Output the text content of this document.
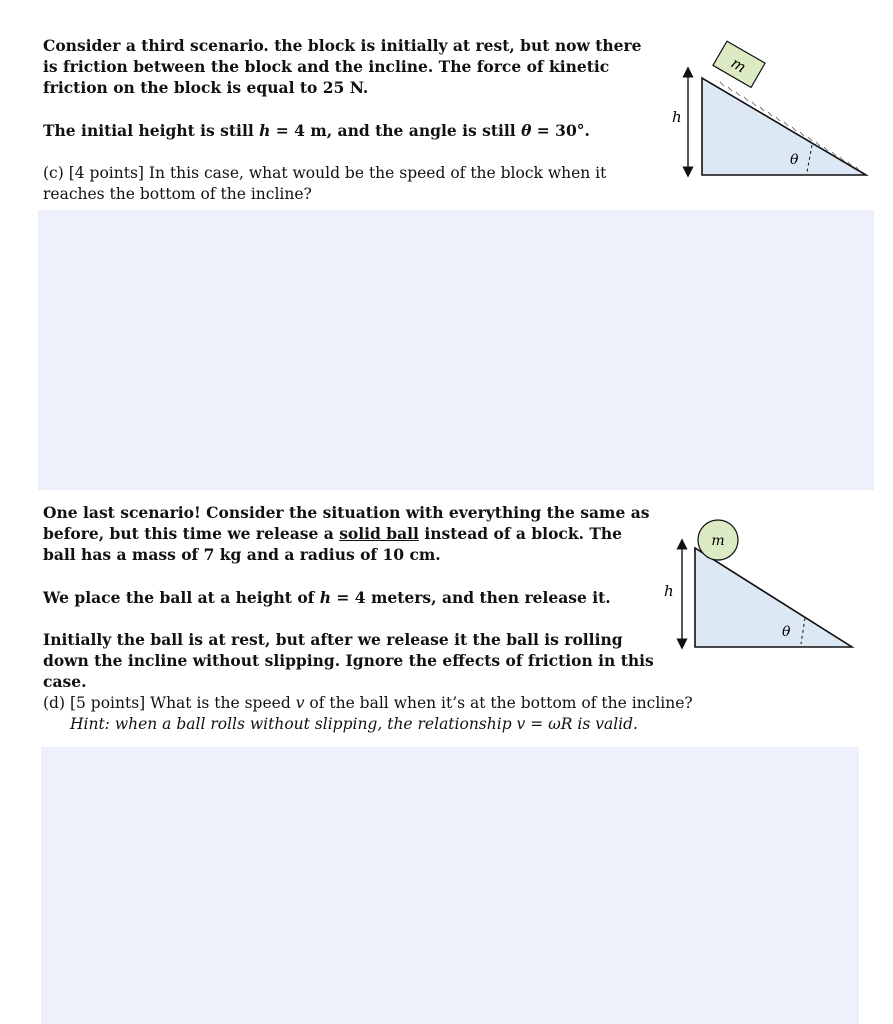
Consider a third scenario. the block is initially at rest, but now there is friction between the block and the incline. The force of kinetic friction on the block is equal to 25 N.
The initial height is still h = 4 m, and the angle is still θ = 30°.
(c) [4 points] In this case, what would be the speed of the block when it reaches the bottom of the incline?
m
h
θ
One last scenario! Consider the situation with everything the same as before, but this time we release a solid ball instead of a block. The ball has a mass of 7 kg and a radius of 10 cm.
We place the ball at a height of h = 4 meters, and then release it.
Initially the ball is at rest, but after we release it the ball is rolling down the incline without slipping. Ignore the effects of friction in this case.
(d) [5 points] What is the speed v of the ball when it’s at the bottom of the incline?
Hint: when a ball rolls without slipping, the relationship v = ωR is valid.
m
h
θ
